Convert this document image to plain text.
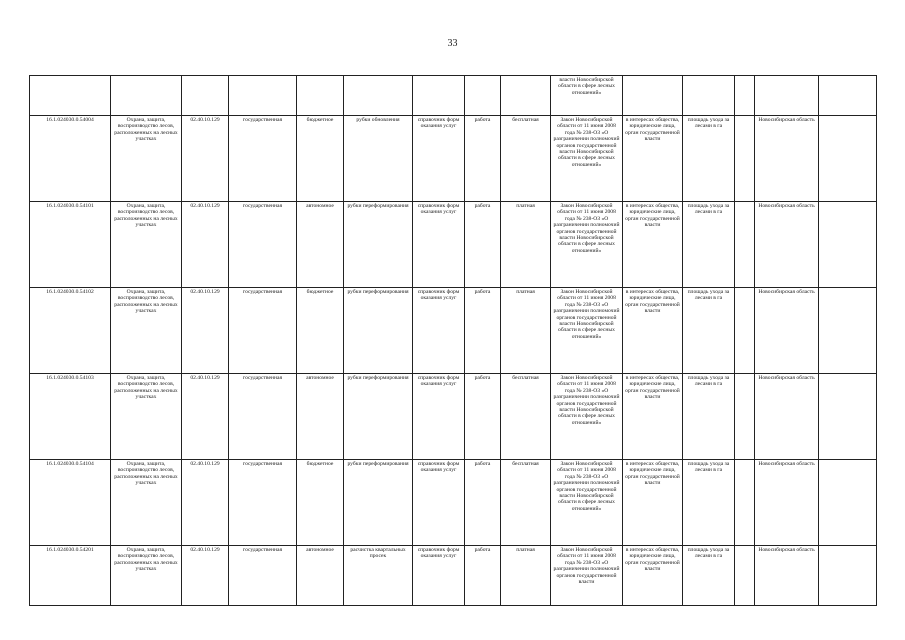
33
									власти Новосибирской области в сфере лесных отношений»					
16.1.024030.0.54004	Охрана, защита, воспроизводство лесов, расположенных на лесных участках	02.40.10.129	государственная	бюджетное	рубки обновления	справочник форм оказания услуг	работа	бесплатная	Закон Новосибирской области от 11 июня 2008 года № 238-ОЗ «О разграничении полномочий органов государственной власти Новосибирской области в сфере лесных отношений»	в интересах общества, юридические лица, орган государственной власти	площадь ухода за лесами в га		Новосибирская область	
16.1.024030.0.54101	Охрана, защита, воспроизводство лесов, расположенных на лесных участках	02.40.10.129	государственная	автономное	рубки переформирования	справочник форм оказания услуг	работа	платная	Закон Новосибирской области от 11 июня 2008 года № 238-ОЗ «О разграничении полномочий органов государственной власти Новосибирской области в сфере лесных отношений»	в интересах общества, юридические лица, орган государственной власти	площадь ухода за лесами в га		Новосибирская область	
16.1.024030.0.54102	Охрана, защита, воспроизводство лесов, расположенных на лесных участках	02.40.10.129	государственная	бюджетное	рубки переформирования	справочник форм оказания услуг	работа	платная	Закон Новосибирской области от 11 июня 2008 года № 238-ОЗ «О разграничении полномочий органов государственной власти Новосибирской области в сфере лесных отношений»	в интересах общества, юридические лица, орган государственной власти	площадь ухода за лесами в га		Новосибирская область	
16.1.024030.0.54103	Охрана, защита, воспроизводство лесов, расположенных на лесных участках	02.40.10.129	государственная	автономное	рубки переформирования	справочник форм оказания услуг	работа	бесплатная	Закон Новосибирской области от 11 июня 2008 года № 238-ОЗ «О разграничении полномочий органов государственной власти Новосибирской области в сфере лесных отношений»	в интересах общества, юридические лица, орган государственной власти	площадь ухода за лесами в га		Новосибирская область	
16.1.024030.0.54104	Охрана, защита, воспроизводство лесов, расположенных на лесных участках	02.40.10.129	государственная	бюджетное	рубки переформирования	справочник форм оказания услуг	работа	бесплатная	Закон Новосибирской области от 11 июня 2008 года № 238-ОЗ «О разграничении полномочий органов государственной власти Новосибирской области в сфере лесных отношений»	в интересах общества, юридические лица, орган государственной власти	площадь ухода за лесами в га		Новосибирская область	
16.1.024030.0.54201	Охрана, защита, воспроизводство лесов, расположенных на лесных участках	02.40.10.129	государственная	автономное	расчистка квартальных просек	справочник форм оказания услуг	работа	платная	Закон Новосибирской области от 11 июня 2008 года № 238-ОЗ «О разграничении полномочий органов государственной власти	в интересах общества, юридические лица, орган государственной власти	площадь ухода за лесами в га		Новосибирская область	
